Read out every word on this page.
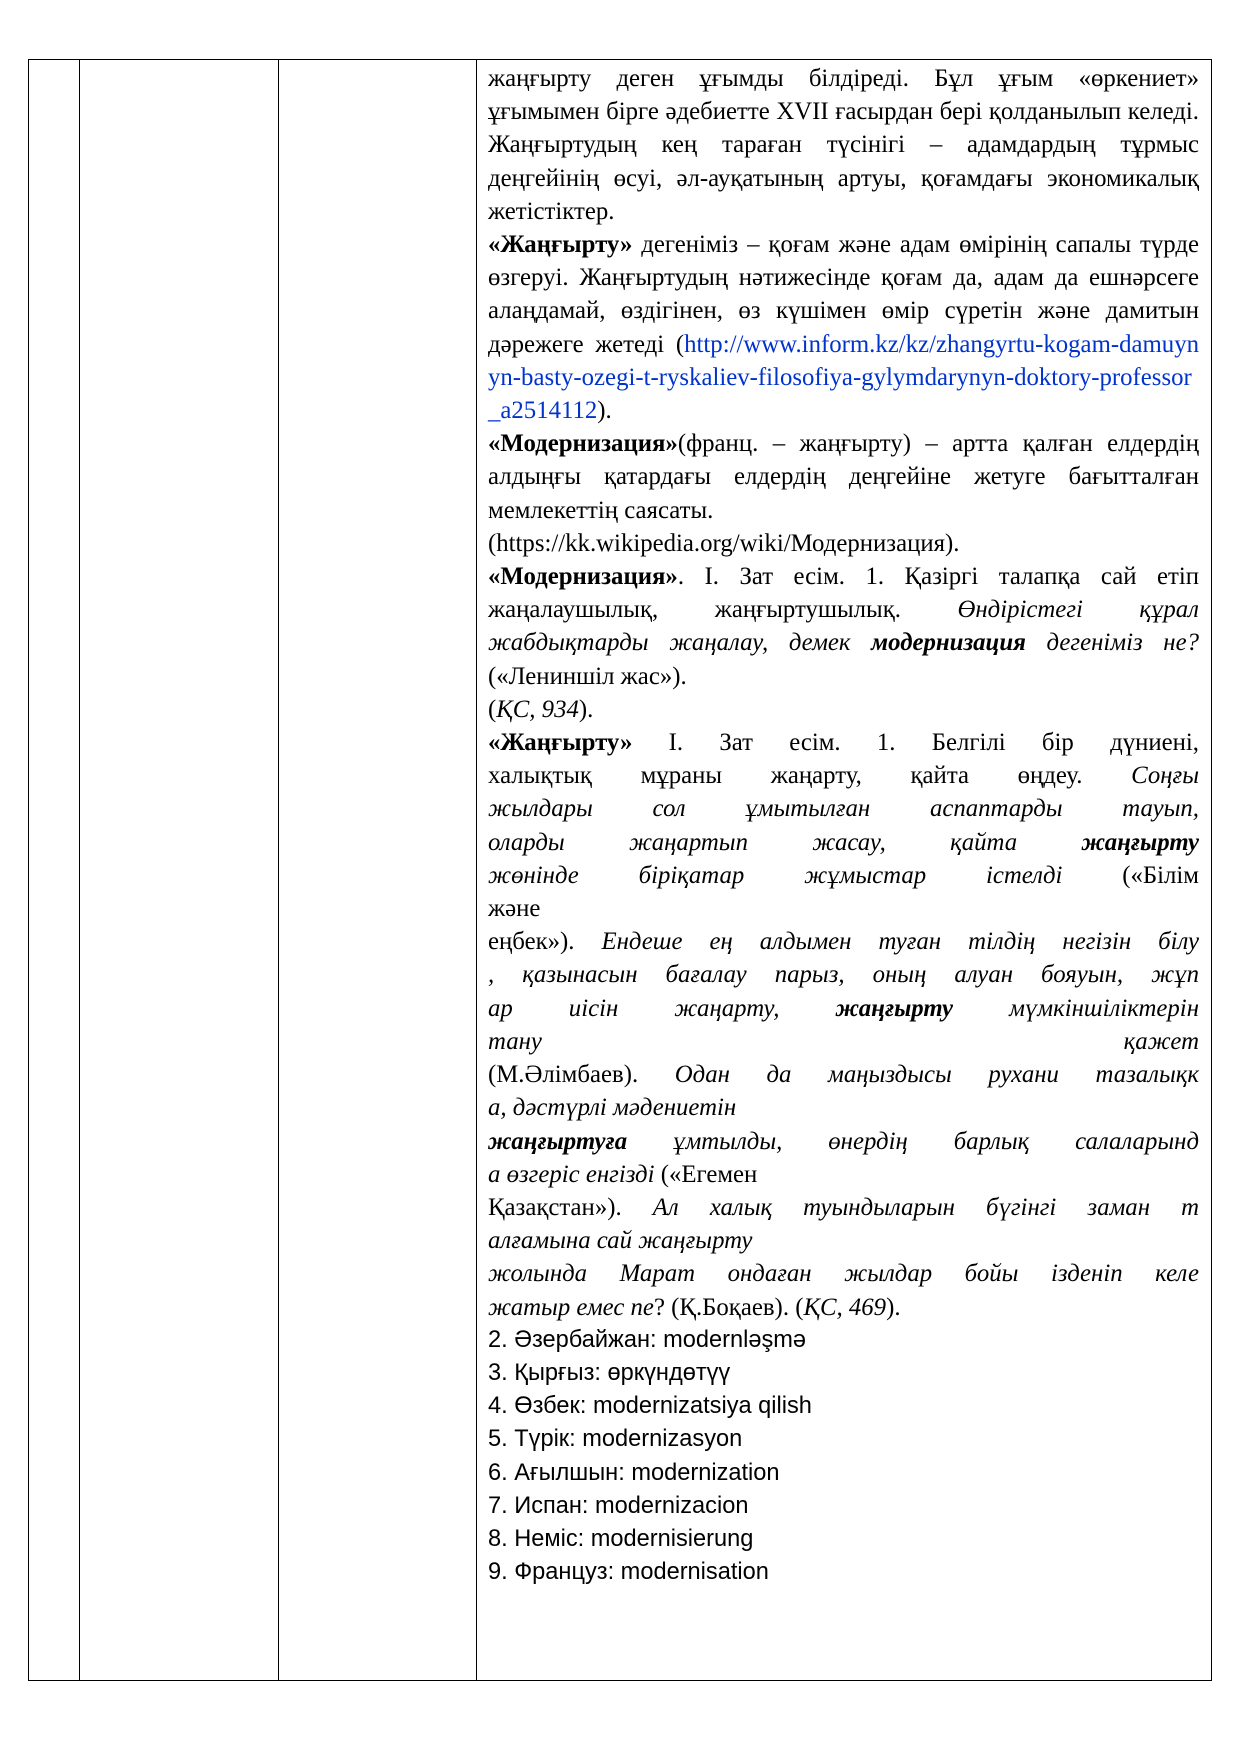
жаңғырту деген ұғымды білдіреді. Бұл ұғым «өркениет» ұғымымен бірге әдебиетте XVII ғасырдан бері қолданылып келеді. Жаңғыртудың кең тараған түсінігі – адамдардың тұрмыс деңгейінің өсуі, әл-ауқатының артуы, қоғамдағы экономикалық жетістіктер.
«Жаңғырту» дегеніміз – қоғам және адам өмірінің сапалы түрде өзгеруі. Жаңғыртудың нәтижесінде қоғам да, адам да ешнәрсеге алаңдамай, өздігінен, өз күшімен өмір сүретін және дамитын дәрежеге жетеді (http://www.inform.kz/kz/zhangyrtu-kogam-damuynyn-basty-ozegi-t-ryskaliev-filosofiya-gylymdarynyn-doktory-professor_a2514112).
«Модернизация»(франц. – жаңғырту) – артта қалған елдердің алдыңғы қатардағы елдердің деңгейіне жетуге бағытталған мемлекеттің саясаты.
(https://kk.wikipedia.org/wiki/Модернизация).
«Модернизация». І. Зат есім. 1. Қазіргі талапқа сай етіп жаңалаушылық, жаңғыртушылық. Өндірістегі құрал жабдықтарды жаңалау, демек модернизация дегеніміз не? («Лениншіл жас»).
(ҚС, 934).
«Жаңғырту» І. Зат есім. 1. Белгілі бір дүниені,
халықтық мұраны жаңарту, қайта өңдеу. Соңғы
жылдары сол ұмытылған аспаптарды тауып,
оларды жаңартып жасау, қайта жаңғырту
жөнінде біріқатар жұмыстар істелді («Білім
және
еңбек»). Ендеше ең алдымен туған тілдің негізін білу
, қазынасын бағалау парыз, оның алуан бояуын, жұп
ар иісін жаңарту, жаңғырту мүмкіншіліктерін
тану	қажет
(М.Әлімбаев). Одан да маңыздысы рухани тазалықк
а, дәстүрлі мәдениетін
жаңғыртуға ұмтылды, өнердің барлық салаларынд
а өзгеріс енгізді («Егемен
Қазақстан»). Ал халық туындыларын бүгінгі заман т
алғамына сай жаңғырту
жолында Марат ондаған жылдар бойы ізденіп келе
жатыр емес пе? (Қ.Боқаев). (ҚС, 469).
2. Әзербайжан: modernləşmə
3. Қырғыз: өркүндөтүү
4. Өзбек: modernizatsiya qilish
5. Түрік: modernizasyon
6. Ағылшын: modernization
7. Испан: modernizacion
8. Неміс: modernisierung
9. Француз: modernisation
